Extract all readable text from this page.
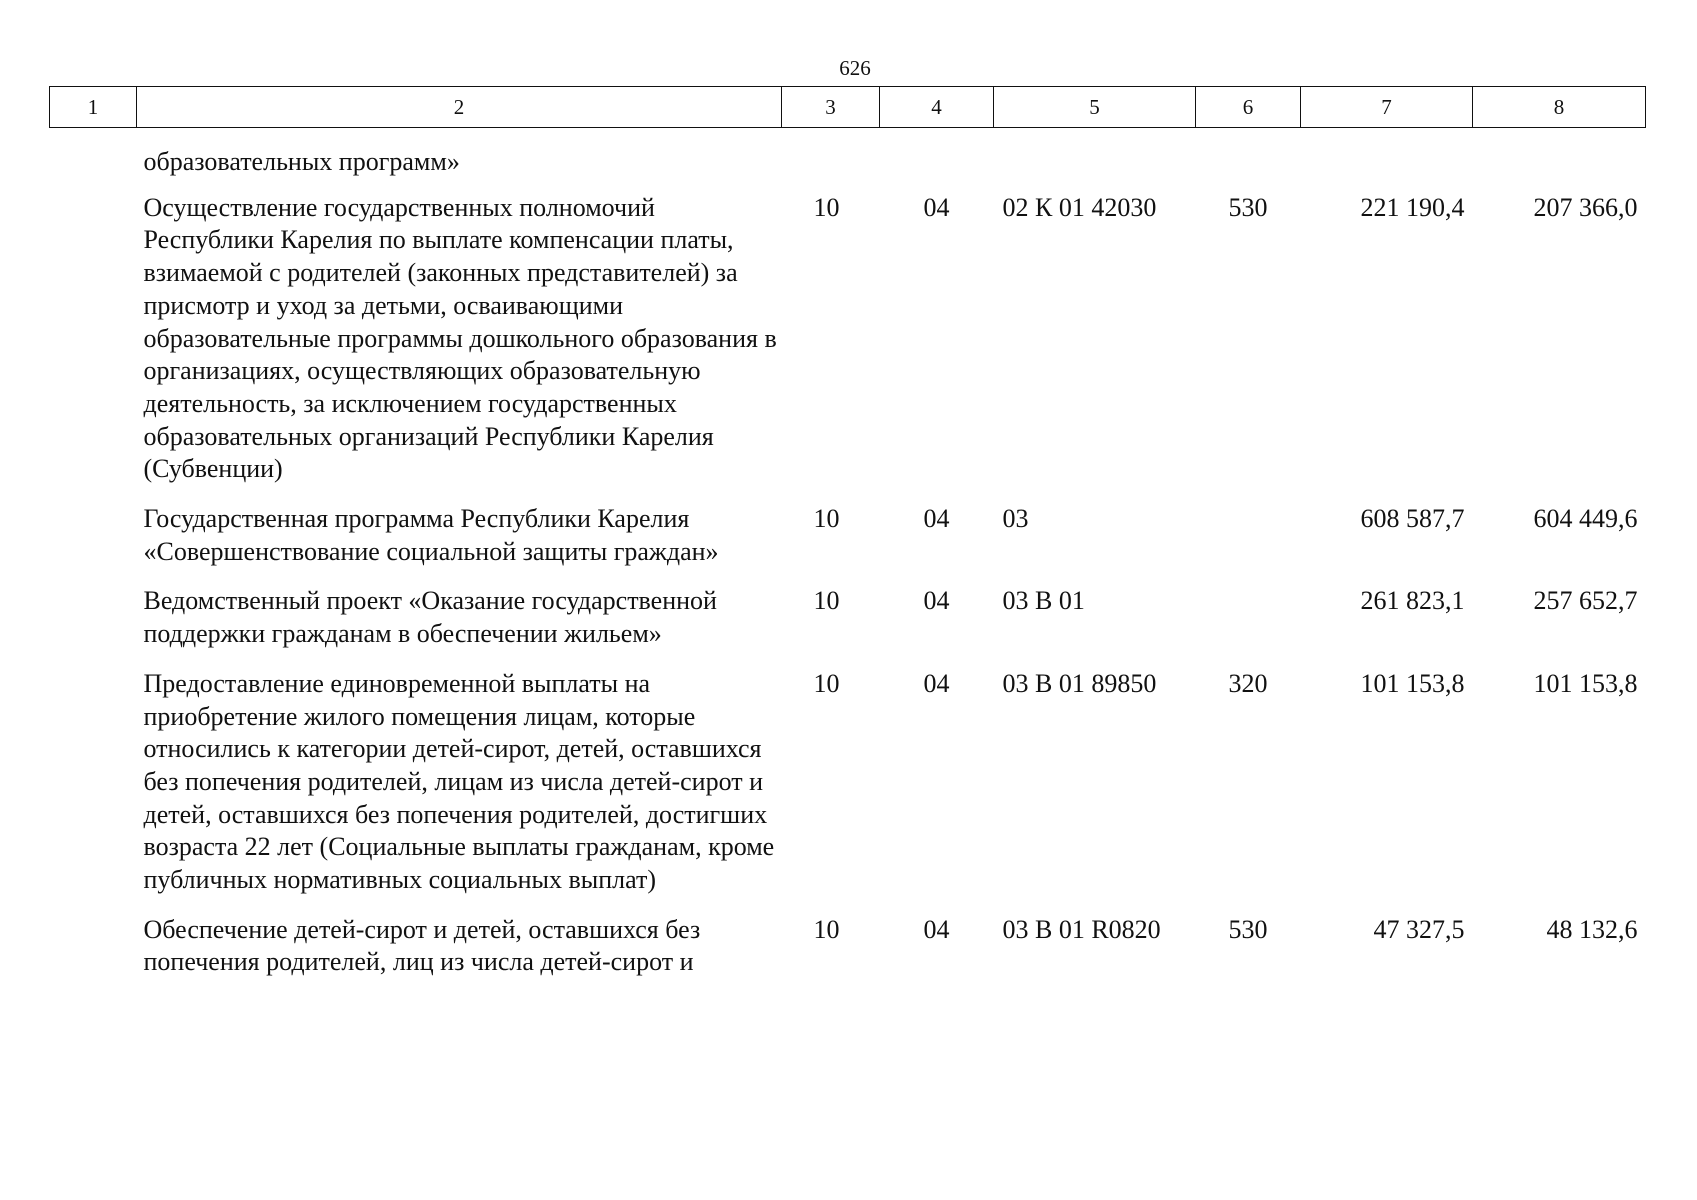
626
1	2	3	4	5	6	7	8
образовательных программ»							
Осуществление государственных полномочий Республики Карелия по выплате компенсации платы, взимаемой с родителей (законных представителей) за присмотр и уход за детьми, осваивающими образовательные программы дошкольного образования в организациях, осуществляющих образовательную деятельность, за исключением государственных образовательных организаций Республики Карелия (Субвенции)		10	04	02 К 01 42030	530	221 190,4	207 366,0
Государственная программа Республики Карелия «Совершенствование социальной защиты граждан»		10	04	03		608 587,7	604 449,6
Ведомственный проект «Оказание государственной поддержки гражданам в обеспечении жильем»		10	04	03 В 01		261 823,1	257 652,7
Предоставление единовременной выплаты на приобретение жилого помещения лицам, которые относились к категории детей-сирот, детей, оставшихся без попечения родителей, лицам из числа детей-сирот и детей, оставшихся без попечения родителей, достигших возраста 22 лет (Социальные выплаты гражданам, кроме публичных нормативных социальных выплат)		10	04	03 В 01 89850	320	101 153,8	101 153,8
Обеспечение детей-сирот и детей, оставшихся без попечения родителей, лиц из числа детей-сирот и		10	04	03 В 01 R0820	530	47 327,5	48 132,6
